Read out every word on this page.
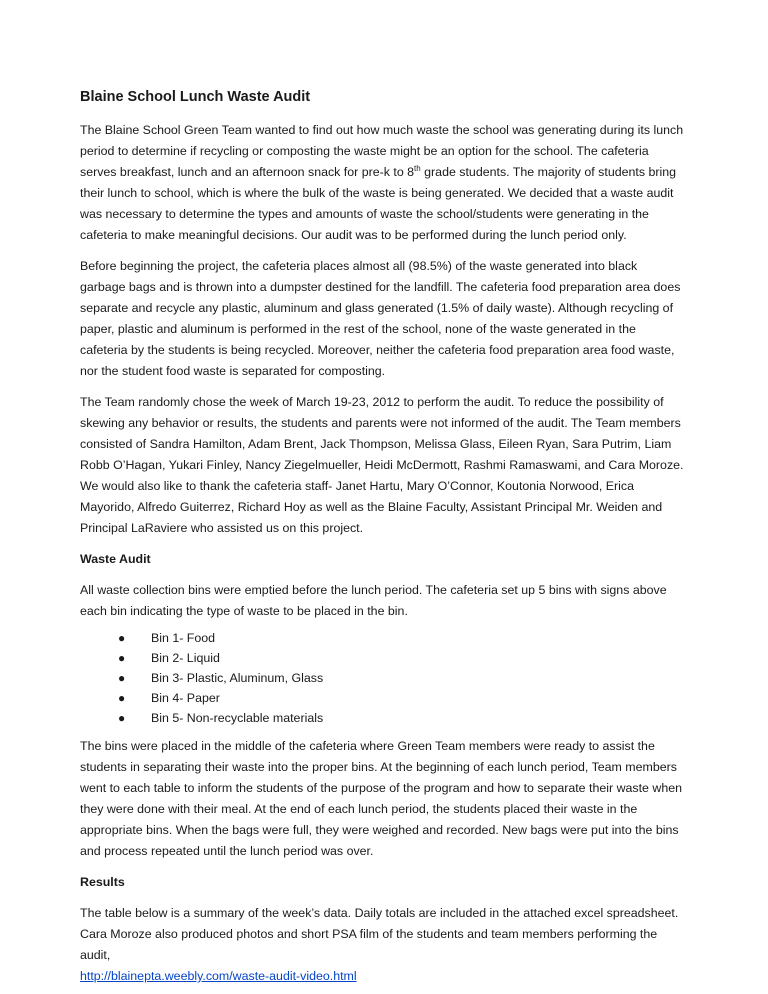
Blaine School Lunch Waste Audit

The Blaine School Green Team wanted to find out how much waste the school was generating during its lunch period to determine if recycling or composting the waste might be an option for the school. The cafeteria serves breakfast, lunch and an afternoon snack for pre-k to 8th grade students. The majority of students bring their lunch to school, which is where the bulk of the waste is being generated. We decided that a waste audit was necessary to determine the types and amounts of waste the school/students were generating in the cafeteria to make meaningful decisions. Our audit was to be performed during the lunch period only.

Before beginning the project, the cafeteria places almost all (98.5%) of the waste generated into black garbage bags and is thrown into a dumpster destined for the landfill. The cafeteria food preparation area does separate and recycle any plastic, aluminum and glass generated (1.5% of daily waste). Although recycling of paper, plastic and aluminum is performed in the rest of the school, none of the waste generated in the cafeteria by the students is being recycled. Moreover, neither the cafeteria food preparation area food waste, nor the student food waste is separated for composting.

The Team randomly chose the week of March 19-23, 2012 to perform the audit. To reduce the possibility of skewing any behavior or results, the students and parents were not informed of the audit. The Team members consisted of Sandra Hamilton, Adam Brent, Jack Thompson, Melissa Glass, Eileen Ryan, Sara Putrim, Liam Robb O’Hagan, Yukari Finley, Nancy Ziegelmueller, Heidi McDermott, Rashmi Ramaswami, and Cara Moroze. We would also like to thank the cafeteria staff- Janet Hartu, Mary O’Connor, Koutonia Norwood, Erica Mayorido, Alfredo Guiterrez, Richard Hoy as well as the Blaine Faculty, Assistant Principal Mr. Weiden and Principal LaRaviere who assisted us on this project.

Waste Audit

All waste collection bins were emptied before the lunch period. The cafeteria set up 5 bins with signs above each bin indicating the type of waste to be placed in the bin.

● Bin 1- Food
● Bin 2- Liquid
● Bin 3- Plastic, Aluminum, Glass
● Bin 4- Paper
● Bin 5- Non-recyclable materials

The bins were placed in the middle of the cafeteria where Green Team members were ready to assist the students in separating their waste into the proper bins. At the beginning of each lunch period, Team members went to each table to inform the students of the purpose of the program and how to separate their waste when they were done with their meal. At the end of each lunch period, the students placed their waste in the appropriate bins. When the bags were full, they were weighed and recorded. New bags were put into the bins and process repeated until the lunch period was over.

Results

The table below is a summary of the week’s data. Daily totals are included in the attached excel spreadsheet. Cara Moroze also produced photos and short PSA film of the students and team members performing the audit,
http://blainepta.weebly.com/waste-audit-video.html
